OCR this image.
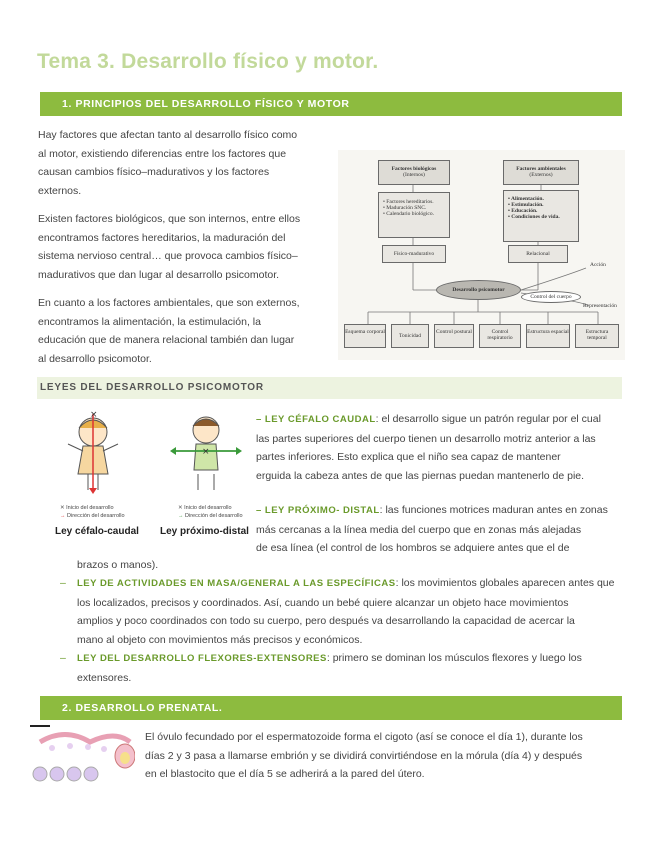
Tema 3. Desarrollo físico y motor.
1. PRINCIPIOS DEL DESARROLLO FÍSICO Y MOTOR
Hay factores que afectan tanto al desarrollo físico como
al motor, existiendo diferencias entre los factores que
causan cambios físico–madurativos y los factores
externos.
Existen factores biológicos, que son internos, entre ellos
encontramos factores hereditarios, la maduración del
sistema nervioso central… que provoca cambios físico–
madurativos que dan lugar al desarrollo psicomotor.
En cuanto a los factores ambientales, que son externos,
encontramos la alimentación, la estimulación, la
educación que de manera relacional también dan lugar
al desarrollo psicomotor.
Factores biológicos
(Internos)
Factores ambientales
(Externos)
• Factores hereditarios.
• Maduración SNC.
• Calendario biológico.
• Alimentación.
• Estimulación.
• Educación.
• Condiciones de vida.
Físico-madurativo	Relacional
Desarrollo psicomotor
Acción
Control del cuerpo
Representación
Esquema corporal
Tonicidad
Control postural	Control respiratorio
Estructura espacial	Estructura temporal
LEYES DEL DESARROLLO PSICOMOTOR
×
×
✕ Inicio del desarrollo
→ Dirección del desarrollo
✕ Inicio del desarrollo
→ Dirección del desarrollo
Ley céfalo-caudal Ley próximo-distal
– LEY CÉFALO CAUDAL: el desarrollo sigue un patrón regular por el cual
las partes superiores del cuerpo tienen un desarrollo motriz anterior a las
partes inferiores. Esto explica que el niño sea capaz de mantener
erguida la cabeza antes de que las piernas puedan mantenerlo de pie.
– LEY PRÓXIMO- DISTAL: las funciones motrices maduran antes en zonas
más cercanas a la línea media del cuerpo que en zonas más alejadas
de esa línea (el control de los hombros se adquiere antes que el de
brazos o manos).
– LEY DE ACTIVIDADES EN MASA/GENERAL A LAS ESPECÍFICAS: los movimientos globales aparecen antes que
los localizados, precisos y coordinados. Así, cuando un bebé quiere alcanzar un objeto hace movimientos
amplios y poco coordinados con todo su cuerpo, pero después va desarrollando la capacidad de acercar la
mano al objeto con movimientos más precisos y económicos.
– LEY DEL DESARROLLO FLEXORES-EXTENSORES: primero se dominan los músculos flexores y luego los
extensores.
2. DESARROLLO PRENATAL.
El óvulo fecundado por el espermatozoide forma el cigoto (así se conoce el día 1), durante los
días 2 y 3 pasa a llamarse embrión y se dividirá convirtiéndose en la mórula (día 4) y después
en el blastocito que el día 5 se adherirá a la pared del útero.
